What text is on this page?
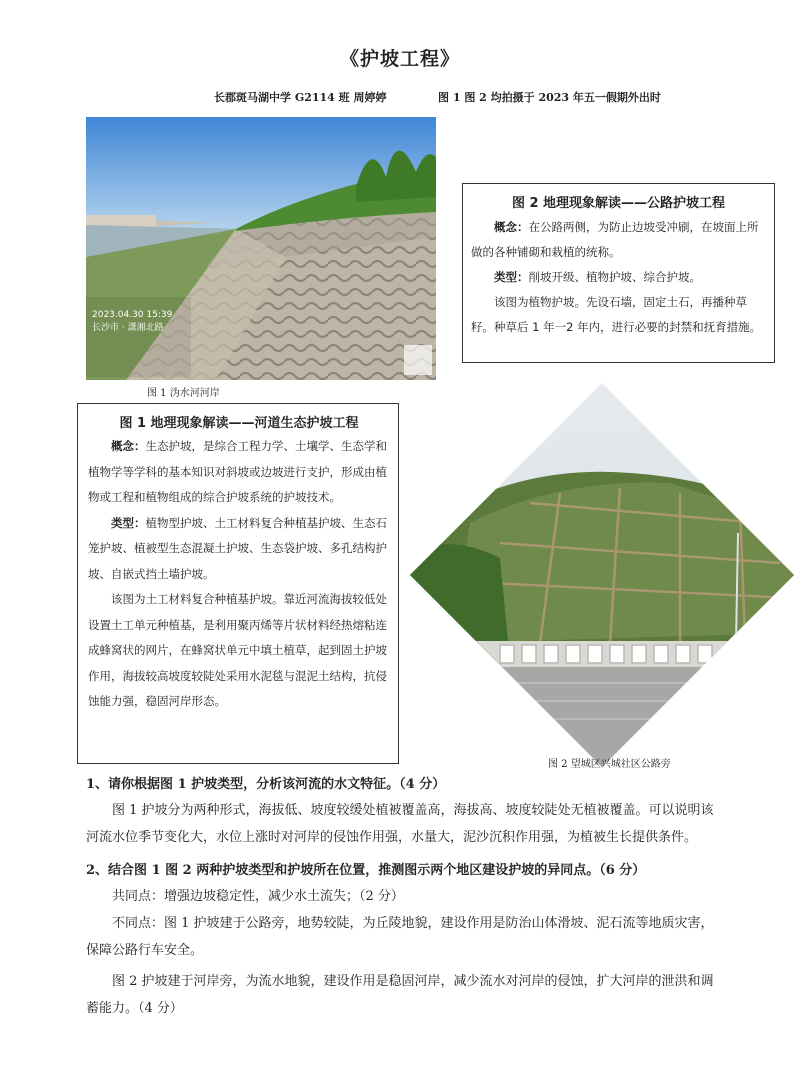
《护坡工程》
长郡斑马湖中学 G2114 班 周婷婷	图 1 图 2 均拍摄于 2023 年五一假期外出时
2023.04.30 15:39
长沙市 · 潇湘北路
图 1 沩水河河岸
图 2 地理现象解读——公路护坡工程

概念：在公路两侧，为防止边坡受冲刷，在坡面上所做的各种铺砌和栽植的统称。

类型：削坡开级、植物护坡、综合护坡。

该图为植物护坡。先设石墙，固定土石，再播种草籽。种草后 1 年一2 年内，进行必要的封禁和抚育措施。

图 1 地理现象解读——河道生态护坡工程

概念：生态护坡，是综合工程力学、土壤学、生态学和植物学等学科的基本知识对斜坡或边坡进行支护，形成由植物或工程和植物组成的综合护坡系统的护坡技术。

类型：植物型护坡、土工材料复合种植基护坡、生态石笼护坡、植被型生态混凝土护坡、生态袋护坡、多孔结构护坡、自嵌式挡土墙护坡。

该图为土工材料复合种植基护坡。靠近河流海拔较低处设置土工单元种植基，是利用聚丙烯等片状材料经热熔粘连成蜂窝状的网片，在蜂窝状单元中填土植草，起到固土护坡作用，海拔较高坡度较陡处采用水泥毯与混泥土结构，抗侵蚀能力强，稳固河岸形态。

图 2 望城区兴城社区公路旁
1、请你根据图 1 护坡类型，分析该河流的水文特征。（4 分）
图 1 护坡分为两种形式，海拔低、坡度较缓处植被覆盖高，海拔高、坡度较陡处无植被覆盖。可以说明该河流水位季节变化大，水位上涨时对河岸的侵蚀作用强，水量大，泥沙沉积作用强，为植被生长提供条件。
2、结合图 1 图 2 两种护坡类型和护坡所在位置，推测图示两个地区建设护坡的异同点。（6 分）
共同点：增强边坡稳定性，减少水土流失；（2 分）
不同点：图 1 护坡建于公路旁，地势较陡，为丘陵地貌，建设作用是防治山体滑坡、泥石流等地质灾害，保障公路行车安全。
图 2 护坡建于河岸旁，为流水地貌，建设作用是稳固河岸，减少流水对河岸的侵蚀，扩大河岸的泄洪和调蓄能力。（4 分）
